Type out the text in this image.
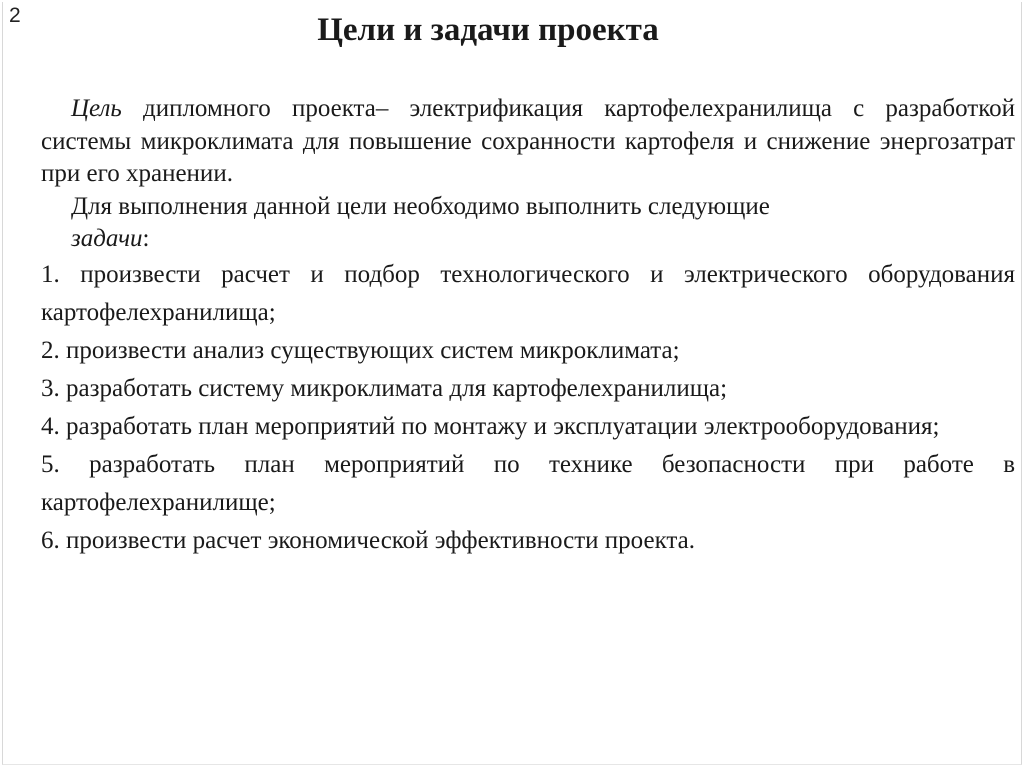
2	Цели и задачи проекта

Цель дипломного проекта– электрификация картофелехранилища с разработкой системы микроклимата для повышение сохранности картофеля и снижение энергозатрат при его хранении.

Для выполнения данной цели необходимо выполнить следующие

задачи:

1. произвести расчет и подбор технологического и электрического оборудования картофелехранилища;

2. произвести анализ существующих систем микроклимата;

3. разработать систему микроклимата для картофелехранилища;

4. разработать план мероприятий по монтажу и эксплуатации электрооборудования;

5. разработать план мероприятий по технике безопасности при работе в картофелехранилище;

6. произвести расчет экономической эффективности проекта.
